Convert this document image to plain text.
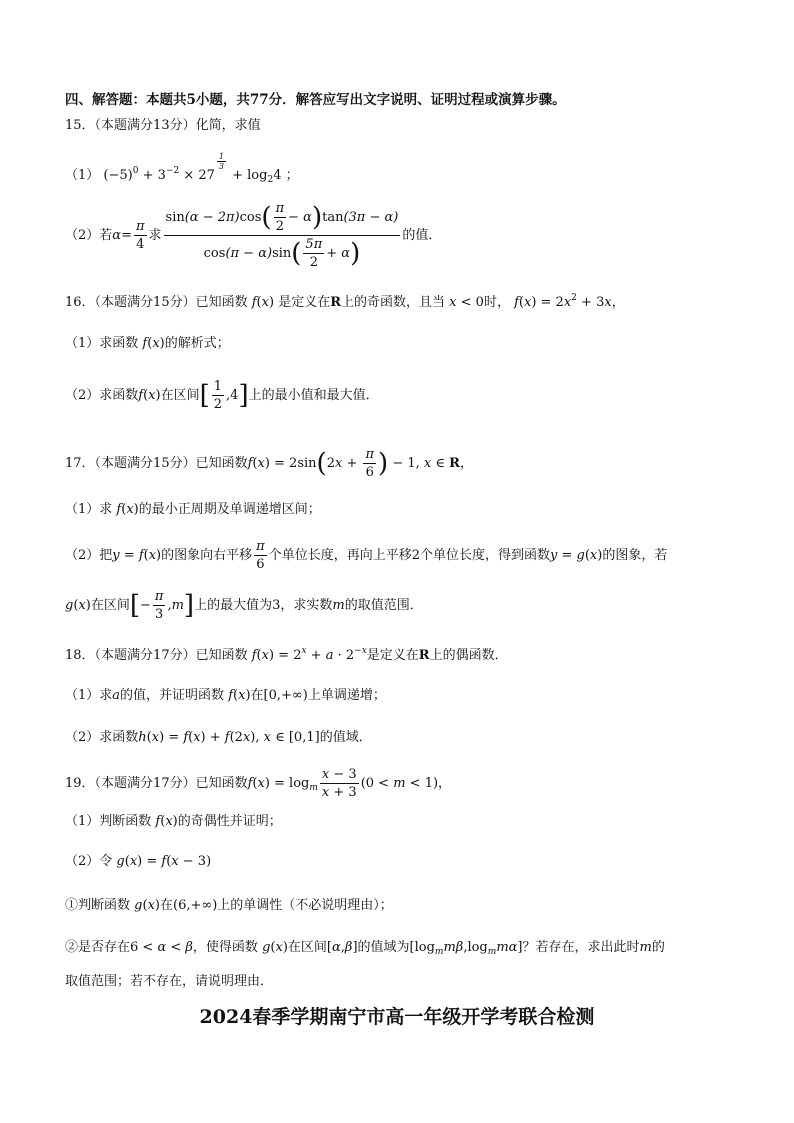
四、解答题：本题共5小题，共77分．解答应写出文字说明、证明过程或演算步骤。
15．（本题满分13分）化简，求值
（1） $(-5)^0 + 3^{-2} \times 27$
$^{\frac{1}{3}}$
+ $\log_24$ ；
（2）若$\alpha= \frac{\pi}{4}$ 求 $\frac{\sin(\alpha - 2\pi)\cos( \frac{\pi}{2} - \alpha)\tan(3\pi - \alpha)}{\cos(\pi - \alpha)\sin( \frac{5\pi}{2} + \alpha)}$ 的值．
16．（本题满分15分）已知函数 f(x) 是定义在R上的奇函数，且当 x < 0时， $f(x) = 2x^2 + 3x$，
（1）求函数 f(x)的解析式；
（2）求函数f(x)在区间[ $\frac{1}{2} ,4$]上的最小值和最大值．
17．（本题满分15分）已知函数$f(x) = 2\sin(2x + \frac{\pi}{6}$ ) − 1, x ∈ R，
（1）求 f(x)的最小正周期及单调递增区间；
（2）把y = f(x)的图象向右平移 $\frac{\pi}{6}$ 个单位长度，再向上平移2个单位长度，得到函数y = g(x)的图象，若
g(x)在区间[− $\frac{\pi}{3} ,m$]上的最大值为3，求实数m的取值范围．
18．（本题满分17分）已知函数 $f(x) = 2^x + a \cdot 2^{-x}$是定义在R上的偶函数．
（1）求a的值，并证明函数 f(x)在[0,+∞)上单调递增；
（2）求函数h(x) = f(x) + f(2x), x ∈ [0,1]的值域．
19．（本题满分17分）已知函数$f(x) = \log_m \frac{x - 3}{x + 3} (0 < m < 1)$，
（1）判断函数 f(x)的奇偶性并证明；
（2）令 g(x) = f(x − 3)
①判断函数 g(x)在(6,+∞)上的单调性（不必说明理由）；
②是否存在6 < α < β，使得函数 g(x)在区间[α,β]的值域为$[\log_mm\beta,\log_mm\alpha]$？若存在，求出此时m的
取值范围；若不存在，请说明理由．
2024春季学期南宁市高一年级开学考联合检测
